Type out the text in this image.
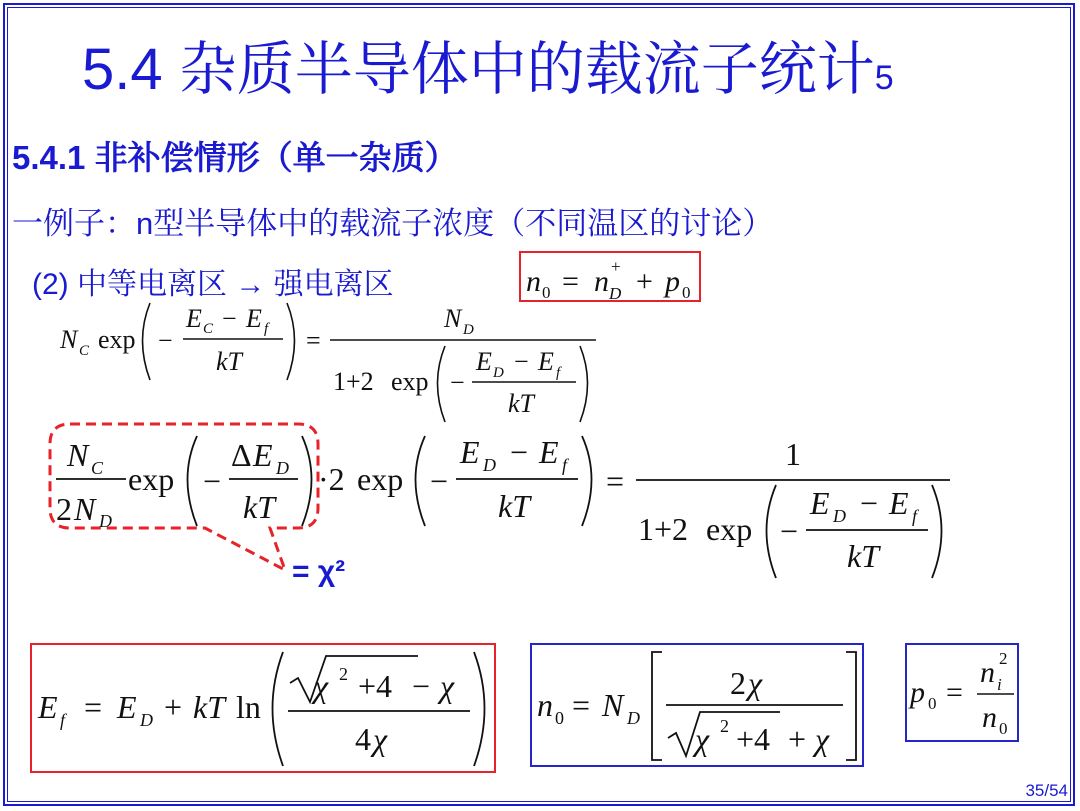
5.4 杂质半导体中的载流子统计5
5.4.1 非补偿情形（单一杂质）
一例子：n型半导体中的载流子浓度（不同温区的讨论）
(2) 中等电离区 → 强电离区	n 0 = n +
D + p 0
N C exp −
E C − E f
kT
=
N D
1+2 exp −
E D − E f
kT
N C
2 N D
exp −
Δ E D
kT
·2 exp −
E D − E f
kT
=
1
1+2 exp −
E D − E f
kT
= χ²
E f = E D + kT ln
χ 2 +4 − χ
4 χ
n 0 = N D
2 χ
χ 2 +4 + χ
p 0 =
n 2
i
n 0
35/54
